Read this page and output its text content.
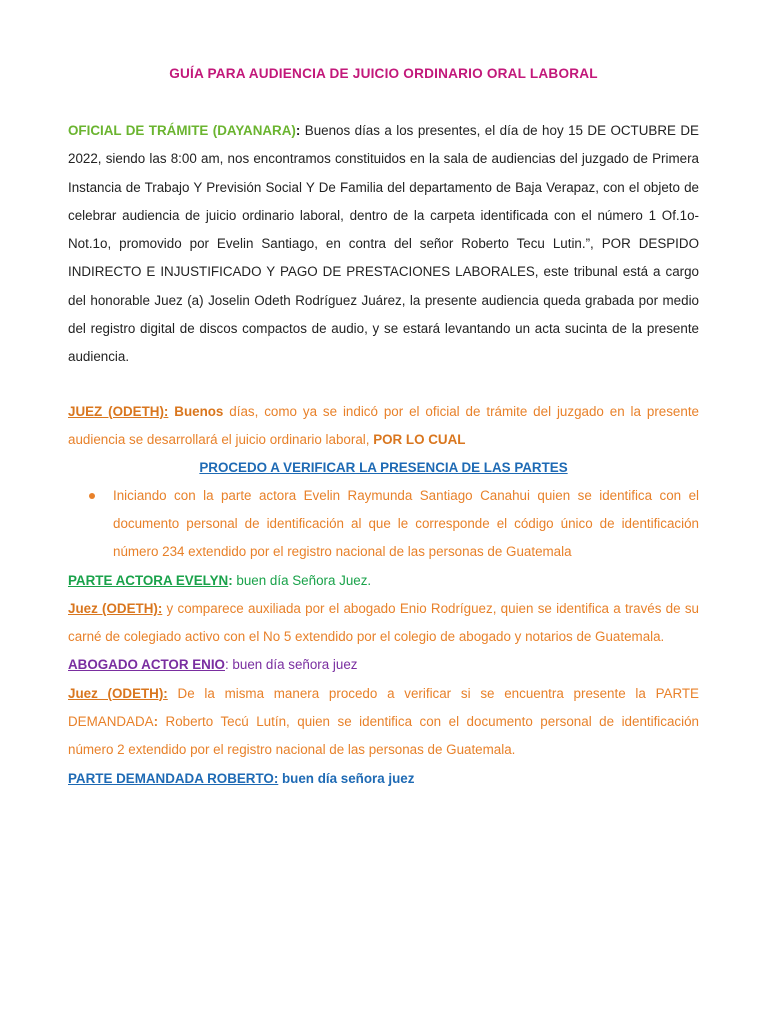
GUÍA PARA AUDIENCIA DE JUICIO ORDINARIO ORAL LABORAL

OFICIAL DE TRÁMITE (DAYANARA): Buenos días a los presentes, el día de hoy 15 DE OCTUBRE DE 2022, siendo las 8:00 am, nos encontramos constituidos en la sala de audiencias del juzgado de Primera Instancia de Trabajo Y Previsión Social Y De Familia del departamento de Baja Verapaz, con el objeto de celebrar audiencia de juicio ordinario laboral, dentro de la carpeta identificada con el número 1 Of.1o-Not.1o, promovido por Evelin Santiago, en contra del señor Roberto Tecu Lutin.”, POR DESPIDO INDIRECTO E INJUSTIFICADO Y PAGO DE PRESTACIONES LABORALES, este tribunal está a cargo del honorable Juez (a) Joselin Odeth Rodríguez Juárez, la presente audiencia queda grabada por medio del registro digital de discos compactos de audio, y se estará levantando un acta sucinta de la presente audiencia.

JUEZ (ODETH): Buenos días, como ya se indicó por el oficial de trámite del juzgado en la presente audiencia se desarrollará el juicio ordinario laboral, POR LO CUAL

PROCEDO A VERIFICAR LA PRESENCIA DE LAS PARTES

Iniciando con la parte actora Evelin Raymunda Santiago Canahui quien se identifica con el documento personal de identificación al que le corresponde el código único de identificación número 234 extendido por el registro nacional de las personas de Guatemala

PARTE ACTORA EVELYN: buen día Señora Juez.

Juez (ODETH): y comparece auxiliada por el abogado Enio Rodríguez, quien se identifica a través de su carné de colegiado activo con el No 5 extendido por el colegio de abogado y notarios de Guatemala.

ABOGADO ACTOR ENIO: buen día señora juez

Juez (ODETH): De la misma manera procedo a verificar si se encuentra presente la PARTE DEMANDADA: Roberto Tecú Lutín, quien se identifica con el documento personal de identificación número 2 extendido por el registro nacional de las personas de Guatemala.

PARTE DEMANDADA ROBERTO: buen día señora juez
